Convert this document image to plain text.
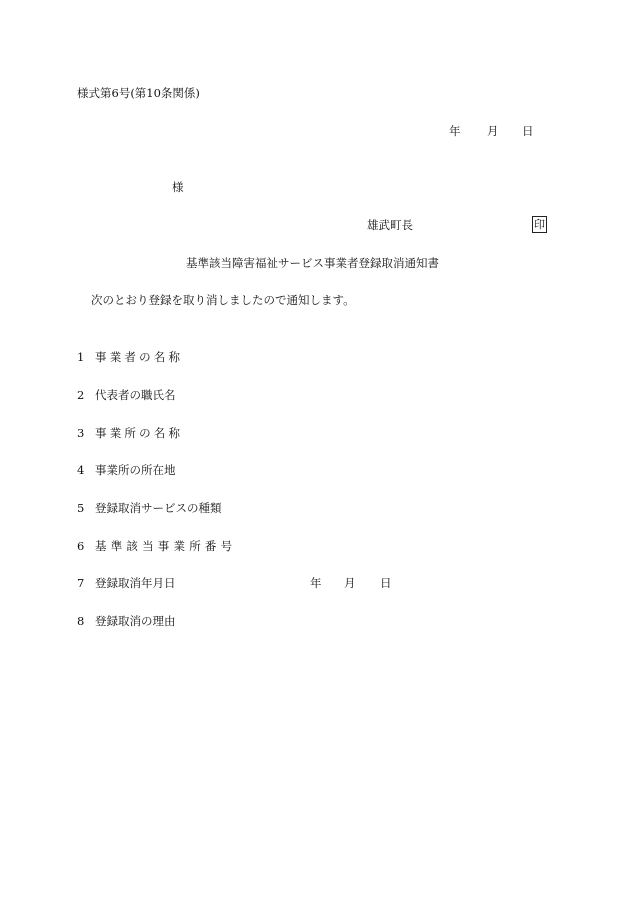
様式第6号(第10条関係)
年 月 日
様
雄武町長	印
基準該当障害福祉サービス事業者登録取消通知書
次のとおり登録を取り消しましたので通知します。
1 事業者の名称
2 代表者の職氏名
3 事業所の名称
4 事業所の所在地
5 登録取消サービスの種類
6 基準該当事業所番号
7 登録取消年月日	年 月 日
8 登録取消の理由
